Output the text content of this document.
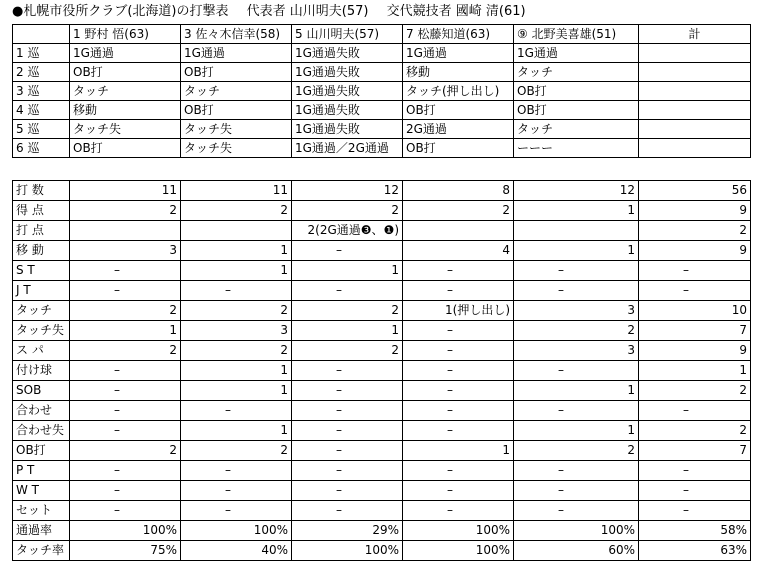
●札幌市役所クラブ(北海道)の打撃表 代表者 山川明夫(57) 交代競技者 國崎 清(61)
	1 野村 悟(63)	3 佐々木信幸(58)	5 山川明夫(57)	7 松藤知道(63)	⑨ 北野美喜雄(51)	計
1 巡	1G通過	1G通過	1G通過失敗	1G通過	1G通過	
2 巡	OB打	OB打	1G通過失敗	移動	タッチ	
3 巡	タッチ	タッチ	1G通過失敗	タッチ(押し出し)	OB打	
4 巡	移動	OB打	1G通過失敗	OB打	OB打	
5 巡	タッチ失	タッチ失	1G通過失敗	2G通過	タッチ	
6 巡	OB打	タッチ失	1G通過／2G通過	OB打	ーーー	
打 数	11	11	12	8	12	56
得 点	2	2	2	2	1	9
打 点			2(2G通過❸、❶)			2
移 動	3	1	–	4	1	9
S T	–	1	1	–	–	–
J T	–	–	–	–	–	–
タッチ	2	2	2	1(押し出し)	3	10
タッチ失	1	3	1	–	2	7
ス パ	2	2	2	–	3	9
付け球	–	1	–	–	–	1
SOB	–	1	–	–	1	2
合わせ	–	–	–	–	–	–
合わせ失	–	1	–	–	1	2
OB打	2	2	–	1	2	7
P T	–	–	–	–	–	–
W T	–	–	–	–	–	–
セット	–	–	–	–	–	–
通過率	100%	100%	29%	100%	100%	58%
タッチ率	75%	40%	100%	100%	60%	63%
